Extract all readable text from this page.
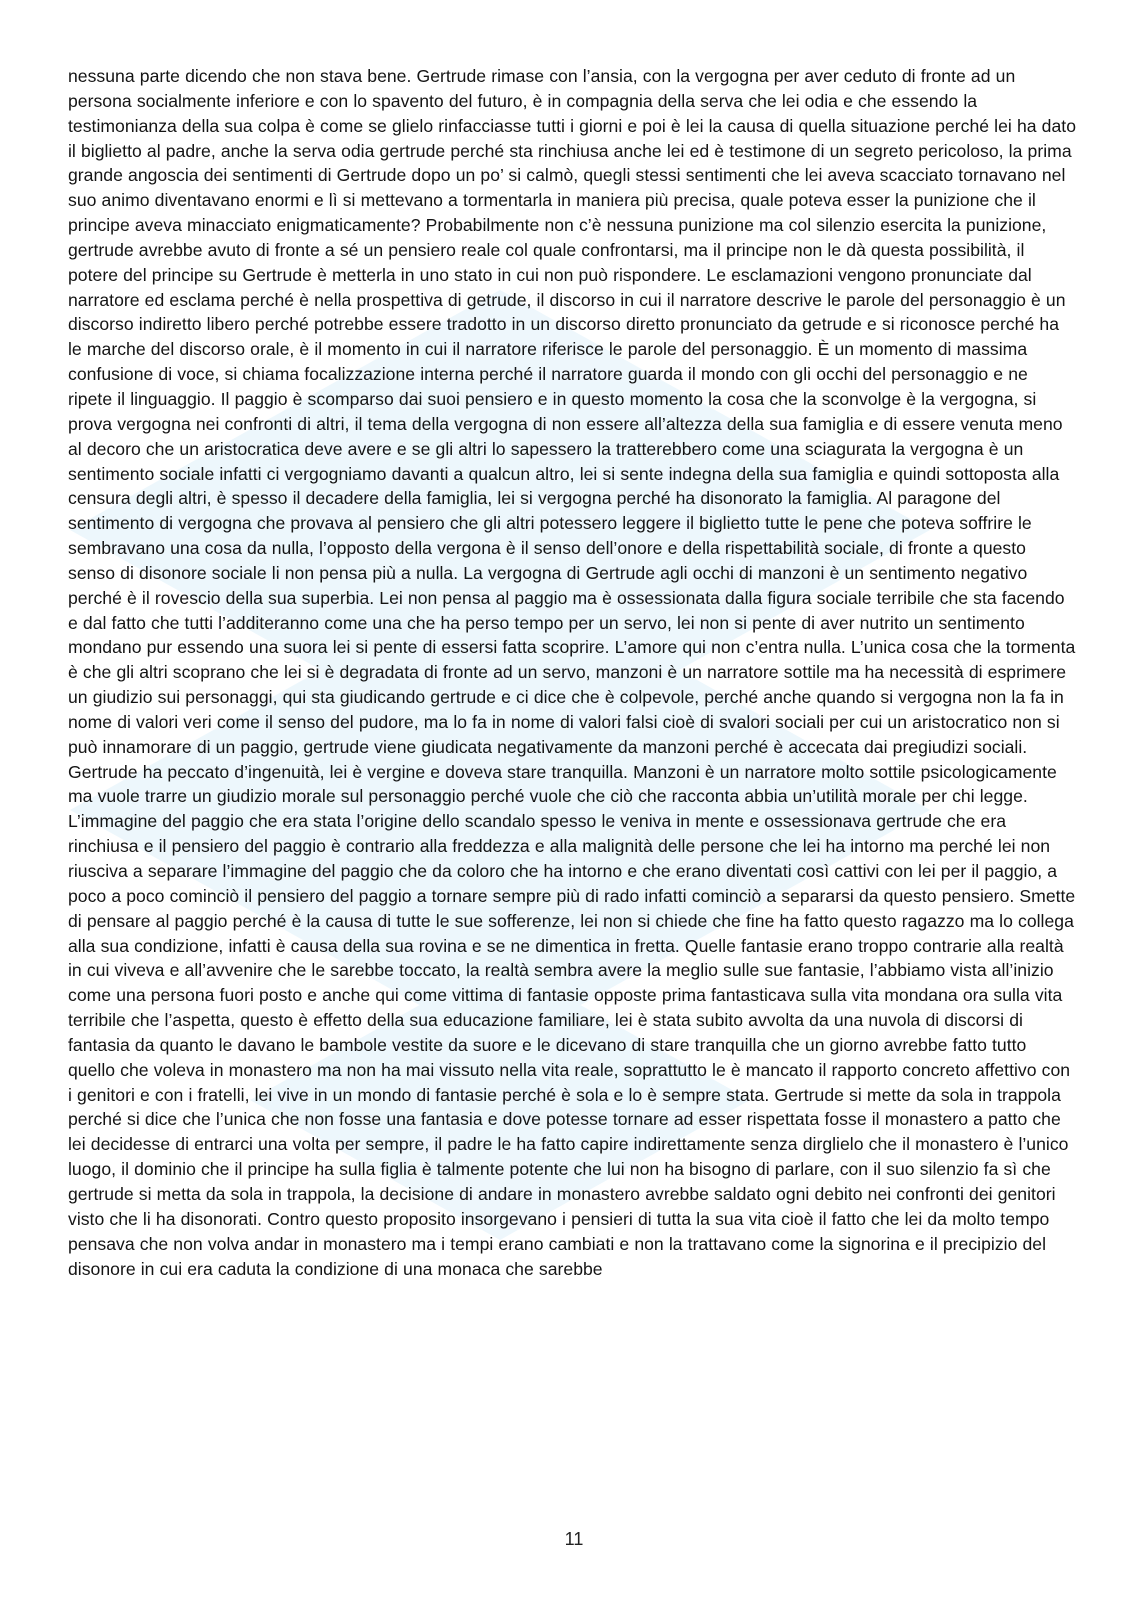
nessuna parte dicendo che non stava bene. Gertrude rimase con l’ansia, con la vergogna per aver ceduto di fronte ad un persona socialmente inferiore e con lo spavento del futuro, è in compagnia della serva che lei odia e che essendo la testimonianza della sua colpa è come se glielo rinfacciasse tutti i giorni e poi è lei la causa di quella situazione perché lei ha dato il biglietto al padre, anche la serva odia gertrude perché sta rinchiusa anche lei ed è testimone di un segreto pericoloso, la prima grande angoscia dei sentimenti di Gertrude dopo un po’ si calmò, quegli stessi sentimenti che lei aveva scacciato tornavano nel suo animo diventavano enormi e lì si mettevano a tormentarla in maniera più precisa, quale poteva esser la punizione che il principe aveva minacciato enigmaticamente? Probabilmente non c’è nessuna punizione ma col silenzio esercita la punizione, gertrude avrebbe avuto di fronte a sé un pensiero reale col quale confrontarsi, ma il principe non le dà questa possibilità, il potere del principe su Gertrude è metterla in uno stato in cui non può rispondere. Le esclamazioni vengono pronunciate dal narratore ed esclama perché è nella prospettiva di getrude, il discorso in cui il narratore descrive le parole del personaggio è un discorso indiretto libero perché potrebbe essere tradotto in un discorso diretto pronunciato da getrude e si riconosce perché ha le marche del discorso orale, è il momento in cui il narratore riferisce le parole del personaggio. È un momento di massima confusione di voce, si chiama focalizzazione interna perché il narratore guarda il mondo con gli occhi del personaggio e ne ripete il linguaggio. Il paggio è scomparso dai suoi pensiero e in questo momento la cosa che la sconvolge è la vergogna, si prova vergogna nei confronti di altri, il tema della vergogna di non essere all’altezza della sua famiglia e di essere venuta meno al decoro che un aristocratica deve avere e se gli altri lo sapessero la tratterebbero come una sciagurata la vergogna è un sentimento sociale infatti ci vergogniamo davanti a qualcun altro, lei si sente indegna della sua famiglia e quindi sottoposta alla censura degli altri, è spesso il decadere della famiglia, lei si vergogna perché ha disonorato la famiglia. Al paragone del sentimento di vergogna che provava al pensiero che gli altri potessero leggere il biglietto tutte le pene che poteva soffrire le sembravano una cosa da nulla, l’opposto della vergona è il senso dell’onore e della rispettabilità sociale, di fronte a questo senso di disonore sociale li non pensa più a nulla. La vergogna di Gertrude agli occhi di manzoni è un sentimento negativo perché è il rovescio della sua superbia. Lei non pensa al paggio ma è ossessionata dalla figura sociale terribile che sta facendo e dal fatto che tutti l’additeranno come una che ha perso tempo per un servo, lei non si pente di aver nutrito un sentimento mondano pur essendo una suora lei si pente di essersi fatta scoprire. L’amore qui non c’entra nulla. L’unica cosa che la tormenta è che gli altri scoprano che lei si è degradata di fronte ad un servo, manzoni è un narratore sottile ma ha necessità di esprimere un giudizio sui personaggi, qui sta giudicando gertrude e ci dice che è colpevole, perché anche quando si vergogna non la fa in nome di valori veri come il senso del pudore, ma lo fa in nome di valori falsi cioè di svalori sociali per cui un aristocratico non si può innamorare di un paggio, gertrude viene giudicata negativamente da manzoni perché è accecata dai pregiudizi sociali. Gertrude ha peccato d’ingenuità, lei è vergine e doveva stare tranquilla. Manzoni è un narratore molto sottile psicologicamente ma vuole trarre un giudizio morale sul personaggio perché vuole che ciò che racconta abbia un’utilità morale per chi legge. L’immagine del paggio che era stata l’origine dello scandalo spesso le veniva in mente e ossessionava gertrude che era rinchiusa e il pensiero del paggio è contrario alla freddezza e alla malignità delle persone che lei ha intorno ma perché lei non riusciva a separare l’immagine del paggio che da coloro che ha intorno e che erano diventati così cattivi con lei per il paggio, a poco a poco cominciò il pensiero del paggio a tornare sempre più di rado infatti cominciò a separarsi da questo pensiero. Smette di pensare al paggio perché è la causa di tutte le sue sofferenze, lei non si chiede che fine ha fatto questo ragazzo ma lo collega alla sua condizione, infatti è causa della sua rovina e se ne dimentica in fretta. Quelle fantasie erano troppo contrarie alla realtà in cui viveva e all’avvenire che le sarebbe toccato, la realtà sembra avere la meglio sulle sue fantasie, l’abbiamo vista all’inizio come una persona fuori posto e anche qui come vittima di fantasie opposte prima fantasticava sulla vita mondana ora sulla vita terribile che l’aspetta, questo è effetto della sua educazione familiare, lei è stata subito avvolta da una nuvola di discorsi di fantasia da quanto le davano le bambole vestite da suore e le dicevano di stare tranquilla che un giorno avrebbe fatto tutto quello che voleva in monastero ma non ha mai vissuto nella vita reale, soprattutto le è mancato il rapporto concreto affettivo con i genitori e con i fratelli, lei vive in un mondo di fantasie perché è sola e lo è sempre stata. Gertrude si mette da sola in trappola perché si dice che l’unica che non fosse una fantasia e dove potesse tornare ad esser rispettata fosse il monastero a patto che lei decidesse di entrarci una volta per sempre, il padre le ha fatto capire indirettamente senza dirglielo che il monastero è l’unico luogo, il dominio che il principe ha sulla figlia è talmente potente che lui non ha bisogno di parlare, con il suo silenzio fa sì che gertrude si metta da sola in trappola, la decisione di andare in monastero avrebbe saldato ogni debito nei confronti dei genitori visto che li ha disonorati. Contro questo proposito insorgevano i pensieri di tutta la sua vita cioè il fatto che lei da molto tempo pensava che non volva andar in monastero ma i tempi erano cambiati e non la trattavano come la signorina e il precipizio del disonore in cui era caduta la condizione di una monaca che sarebbe

11
